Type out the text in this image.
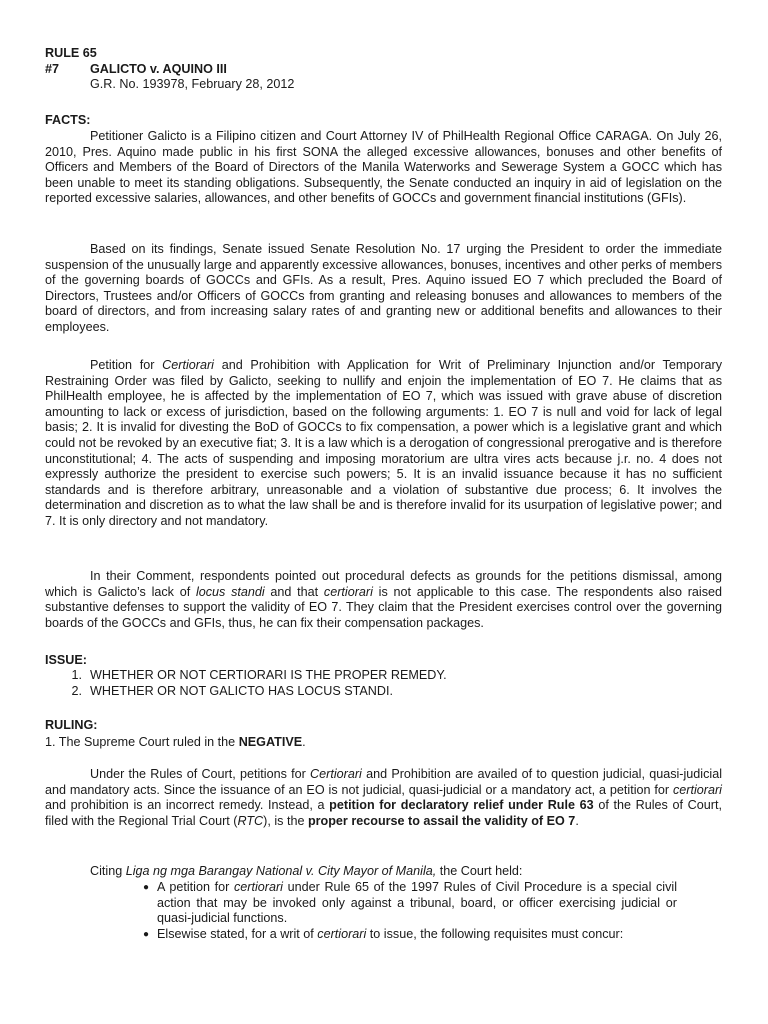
RULE 65
#7	GALICTO v. AQUINO III
G.R. No. 193978, February 28, 2012
FACTS:
Petitioner Galicto is a Filipino citizen and Court Attorney IV of PhilHealth Regional Office CARAGA. On July 26, 2010, Pres. Aquino made public in his first SONA the alleged excessive allowances, bonuses and other benefits of Officers and Members of the Board of Directors of the Manila Waterworks and Sewerage System a GOCC which has been unable to meet its standing obligations. Subsequently, the Senate conducted an inquiry in aid of legislation on the reported excessive salaries, allowances, and other benefits of GOCCs and government financial institutions (GFIs).
Based on its findings, Senate issued Senate Resolution No. 17 urging the President to order the immediate suspension of the unusually large and apparently excessive allowances, bonuses, incentives and other perks of members of the governing boards of GOCCs and GFIs. As a result, Pres. Aquino issued EO 7 which precluded the Board of Directors, Trustees and/or Officers of GOCCs from granting and releasing bonuses and allowances to members of the board of directors, and from increasing salary rates of and granting new or additional benefits and allowances to their employees.
Petition for Certiorari and Prohibition with Application for Writ of Preliminary Injunction and/or Temporary Restraining Order was filed by Galicto, seeking to nullify and enjoin the implementation of EO 7. He claims that as PhilHealth employee, he is affected by the implementation of EO 7, which was issued with grave abuse of discretion amounting to lack or excess of jurisdiction, based on the following arguments: 1. EO 7 is null and void for lack of legal basis; 2. It is invalid for divesting the BoD of GOCCs to fix compensation, a power which is a legislative grant and which could not be revoked by an executive fiat; 3. It is a law which is a derogation of congressional prerogative and is therefore unconstitutional; 4. The acts of suspending and imposing moratorium are ultra vires acts because j.r. no. 4 does not expressly authorize the president to exercise such powers; 5. It is an invalid issuance because it has no sufficient standards and is therefore arbitrary, unreasonable and a violation of substantive due process; 6. It involves the determination and discretion as to what the law shall be and is therefore invalid for its usurpation of legislative power; and 7. It is only directory and not mandatory.
In their Comment, respondents pointed out procedural defects as grounds for the petitions dismissal, among which is Galicto’s lack of locus standi and that certiorari is not applicable to this case. The respondents also raised substantive defenses to support the validity of EO 7. They claim that the President exercises control over the governing boards of the GOCCs and GFIs, thus, he can fix their compensation packages.
ISSUE:
1. WHETHER OR NOT CERTIORARI IS THE PROPER REMEDY.
2. WHETHER OR NOT GALICTO HAS LOCUS STANDI.
RULING:
1. The Supreme Court ruled in the NEGATIVE.
Under the Rules of Court, petitions for Certiorari and Prohibition are availed of to question judicial, quasi-judicial and mandatory acts. Since the issuance of an EO is not judicial, quasi-judicial or a mandatory act, a petition for certiorari and prohibition is an incorrect remedy. Instead, a petition for declaratory relief under Rule 63 of the Rules of Court, filed with the Regional Trial Court (RTC), is the proper recourse to assail the validity of EO 7.
Citing Liga ng mga Barangay National v. City Mayor of Manila, the Court held:
● A petition for certiorari under Rule 65 of the 1997 Rules of Civil Procedure is a special civil action that may be invoked only against a tribunal, board, or officer exercising judicial or quasi-judicial functions.
● Elsewise stated, for a writ of certiorari to issue, the following requisites must concur:
